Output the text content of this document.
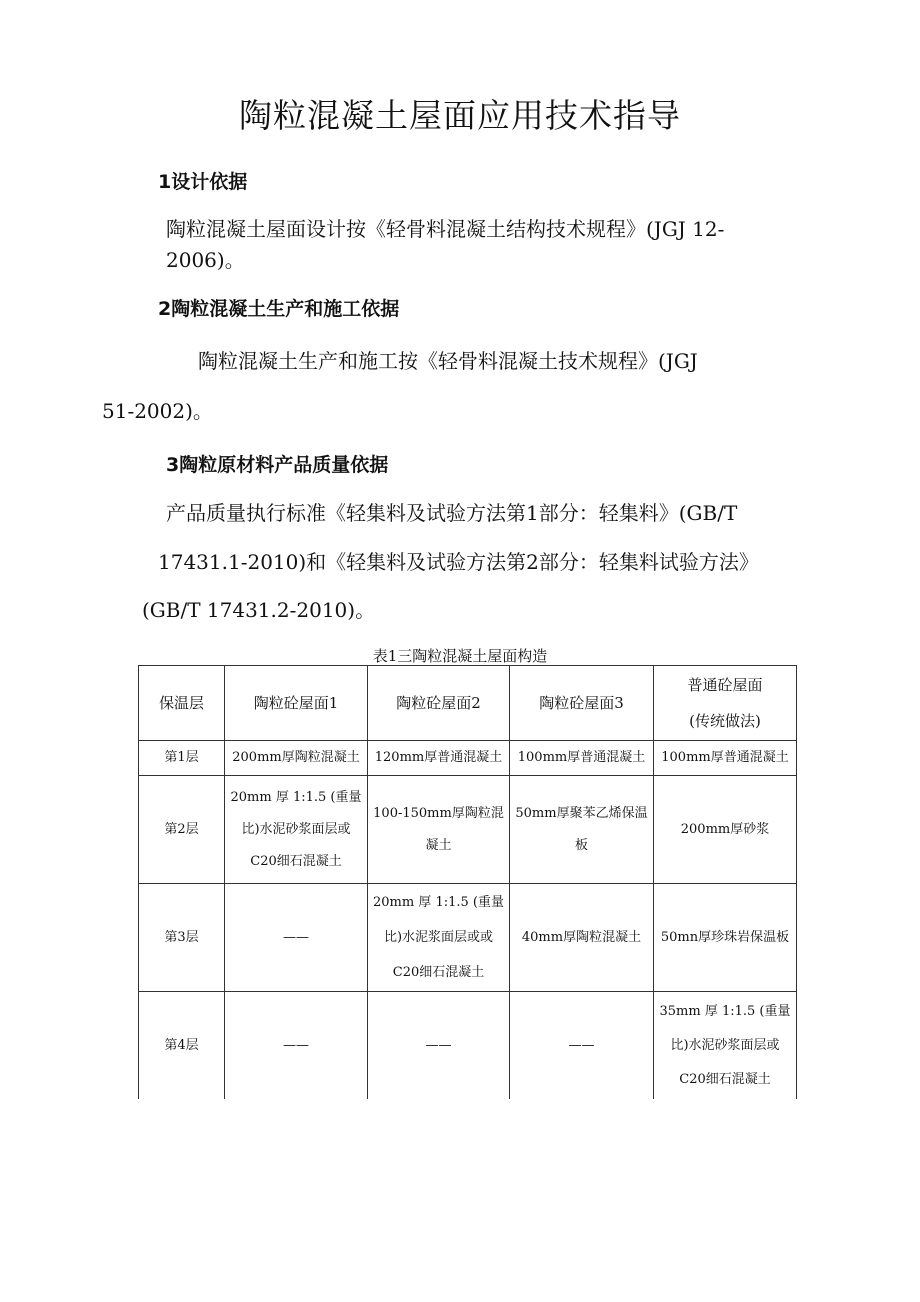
陶粒混凝土屋面应用技术指导
1设计依据
陶粒混凝土屋面设计按《轻骨料混凝土结构技术规程》(JGJ 12-
2006)。
2陶粒混凝土生产和施工依据
陶粒混凝土生产和施工按《轻骨料混凝土技术规程》(JGJ
51-2002)。
3陶粒原材料产品质量依据
产品质量执行标准《轻集料及试验方法第1部分：轻集料》(GB/T
17431.1-2010)和《轻集料及试验方法第2部分：轻集料试验方法》
(GB/T 17431.2-2010)。
表1三陶粒混凝土屋面构造
保温层	陶粒砼屋面1	陶粒砼屋面2	陶粒砼屋面3	普通砼屋面
(传统做法)
第1层	200mm厚陶粒混凝土	120mm厚普通混凝土	100mm厚普通混凝土	100mm厚普通混凝土
第2层	20mm 厚 1:1.5 (重量比)水泥砂浆面层或C20细石混凝土	100-150mm厚陶粒混凝土	50mm厚聚苯乙烯保温板	200mm厚砂浆
第3层	——	20mm 厚 1:1.5 (重量比)水泥浆面层或或C20细石混凝土	40mm厚陶粒混凝土	50mn厚珍珠岩保温板
第4层	——	——	——	35mm 厚 1:1.5 (重量比)水泥砂浆面层或C20细石混凝土
